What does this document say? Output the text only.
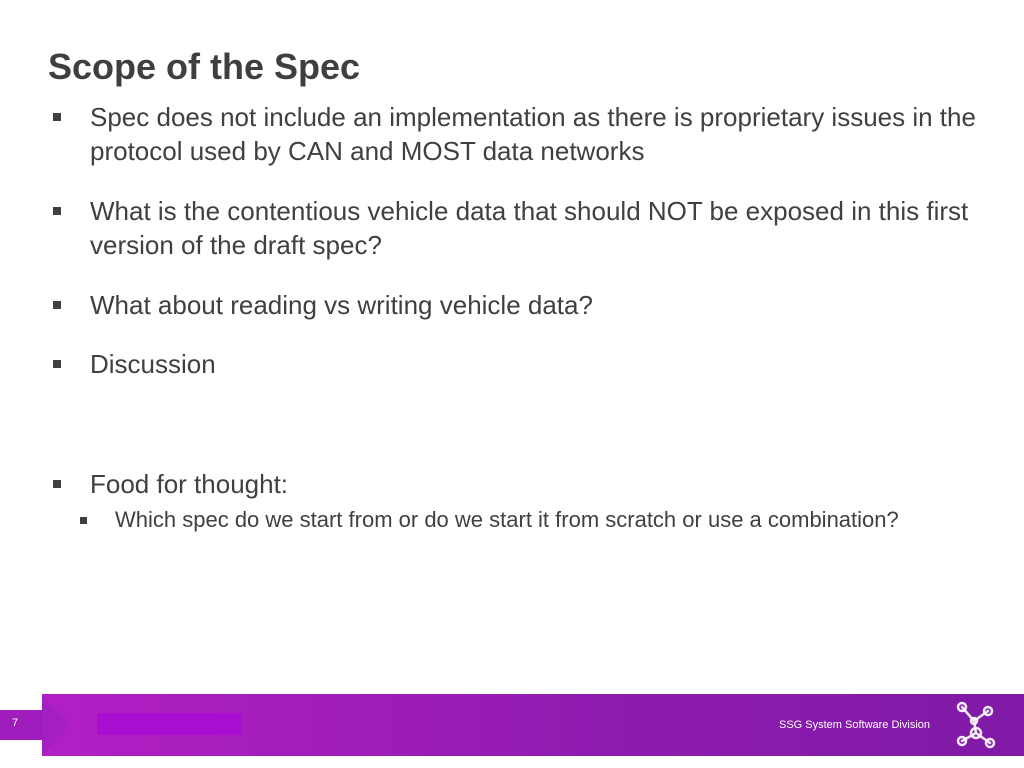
Scope of the Spec
Spec does not include an implementation as there is proprietary issues in the protocol used by CAN and MOST data networks
What is the contentious vehicle data that should NOT be exposed in this first version of the draft spec?
What about reading vs writing vehicle data?
Discussion
Food for thought:
Which spec do we start from or do we start it from scratch or use a combination?
7	SSG System Software Division
